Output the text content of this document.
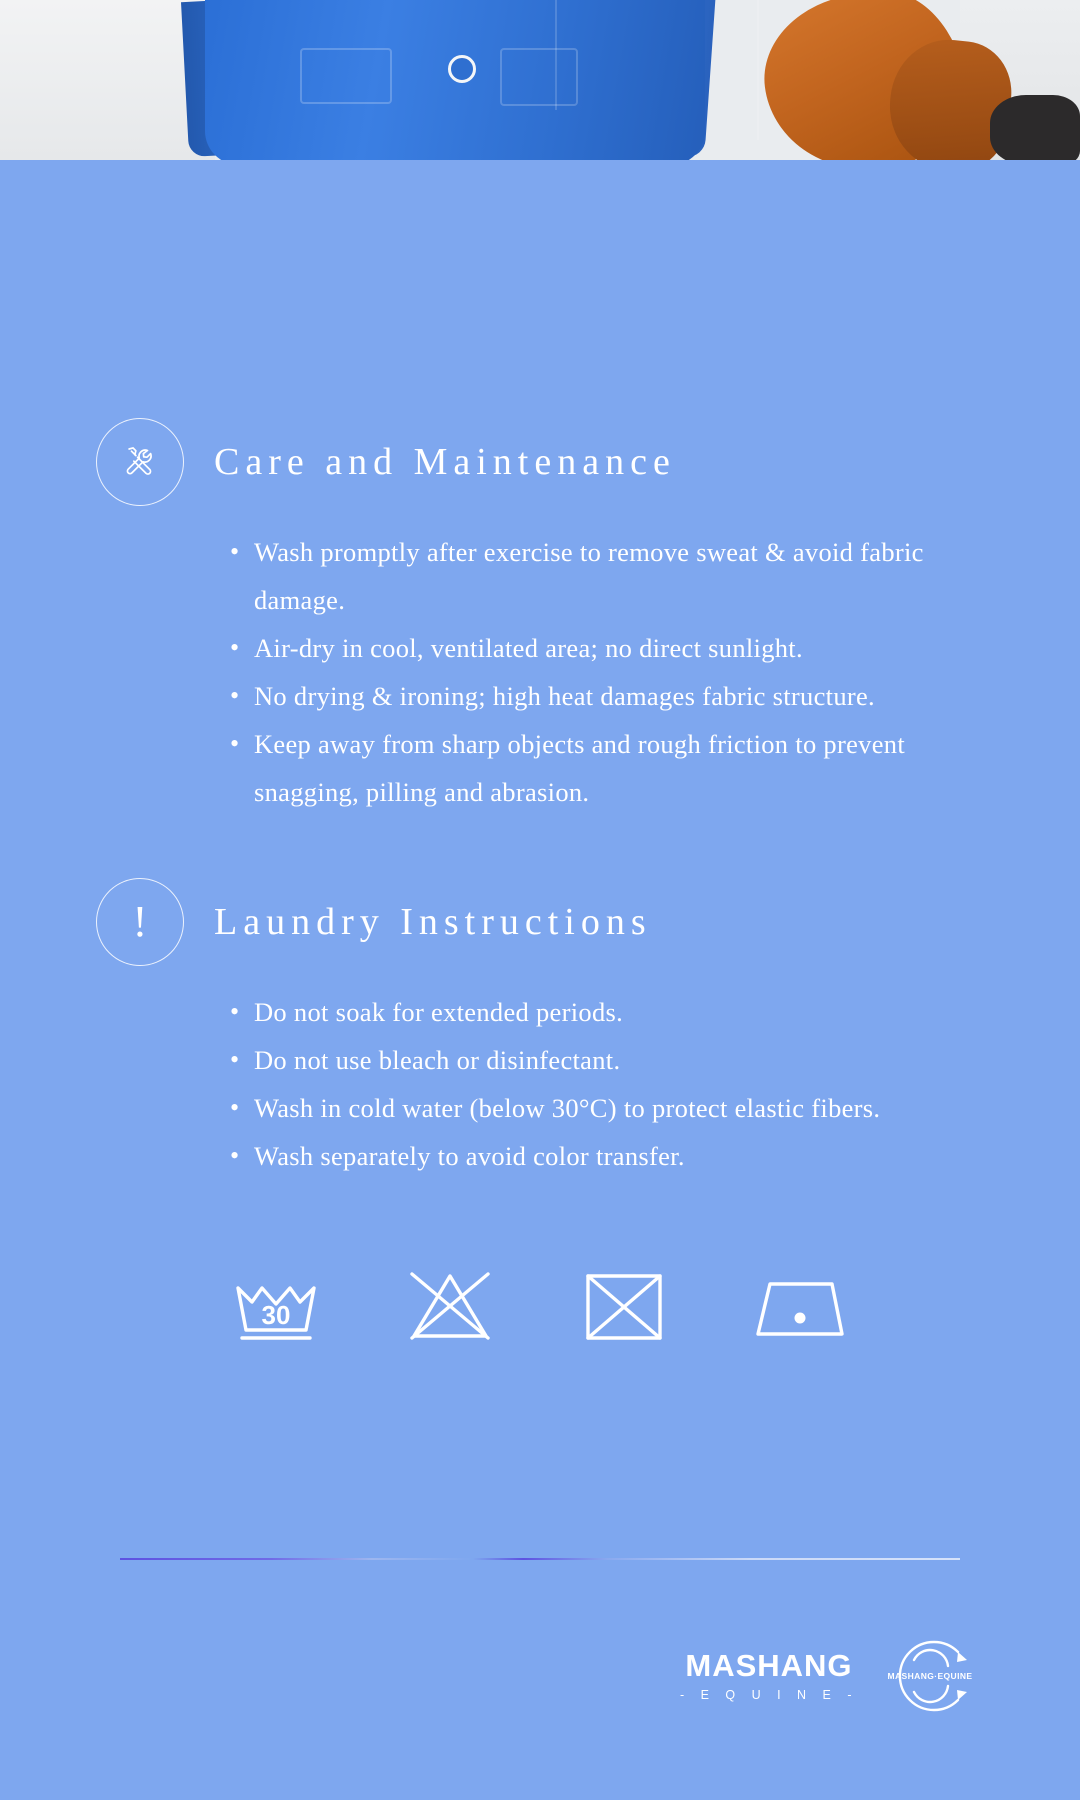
Care and Maintenance
• Wash promptly after exercise to remove sweat & avoid fabric damage.
• Air-dry in cool, ventilated area; no direct sunlight.
• No drying & ironing; high heat damages fabric structure.
• Keep away from sharp objects and rough friction to prevent snagging, pilling and abrasion.
! Laundry Instructions
• Do not soak for extended periods.
• Do not use bleach or disinfectant.
• Wash in cold water (below 30°C) to protect elastic fibers.
• Wash separately to avoid color transfer.
30
MASHANG
- E Q U I N E -
MASHANG·EQUINE
